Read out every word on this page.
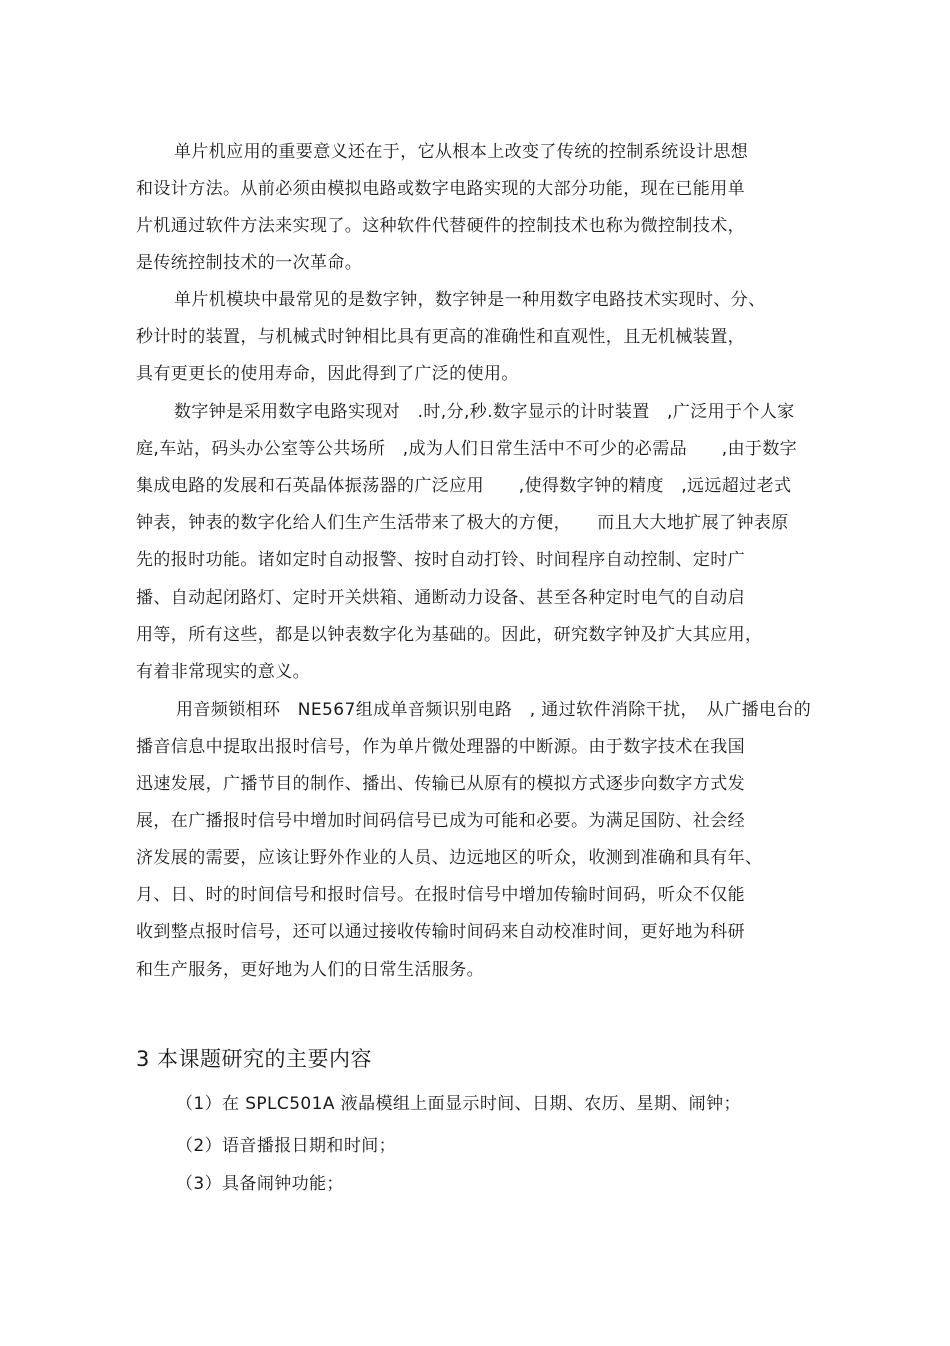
单片机应用的重要意义还在于，它从根本上改变了传统的控制系统设计思想
和设计方法。从前必须由模拟电路或数字电路实现的大部分功能，现在已能用单
片机通过软件方法来实现了。这种软件代替硬件的控制技术也称为微控制技术，
是传统控制技术的一次革命。
单片机模块中最常见的是数字钟，数字钟是一种用数字电路技术实现时、分、
秒计时的装置，与机械式时钟相比具有更高的准确性和直观性，且无机械装置，
具有更更长的使用寿命，因此得到了广泛的使用。
数字钟是采用数字电路实现对　.时,分,秒.数字显示的计时装置　,广泛用于个人家
庭,车站，码头办公室等公共场所　,成为人们日常生活中不可少的必需品　　,由于数字
集成电路的发展和石英晶体振荡器的广泛应用　　,使得数字钟的精度　,远远超过老式
钟表，钟表的数字化给人们生产生活带来了极大的方便，　　而且大大地扩展了钟表原
先的报时功能。诸如定时自动报警、按时自动打铃、时间程序自动控制、定时广
播、自动起闭路灯、定时开关烘箱、通断动力设备、甚至各种定时电气的自动启
用等，所有这些，都是以钟表数字化为基础的。因此，研究数字钟及扩大其应用，
有着非常现实的意义。
用音频锁相环　NE567组成单音频识别电路　, 通过软件消除干扰，　从广播电台的
播音信息中提取出报时信号，作为单片微处理器的中断源。由于数字技术在我国
迅速发展，广播节目的制作、播出、传输已从原有的模拟方式逐步向数字方式发
展，在广播报时信号中增加时间码信号已成为可能和必要。为满足国防、社会经
济发展的需要，应该让野外作业的人员、边远地区的听众，收测到准确和具有年、
月、日、时的时间信号和报时信号。在报时信号中增加传输时间码，听众不仅能
收到整点报时信号，还可以通过接收传输时间码来自动校准时间，更好地为科研
和生产服务，更好地为人们的日常生活服务。
3 本课题研究的主要内容
（1）在 SPLC501A 液晶模组上面显示时间、日期、农历、星期、闹钟；
（2）语音播报日期和时间；
（3）具备闹钟功能；
